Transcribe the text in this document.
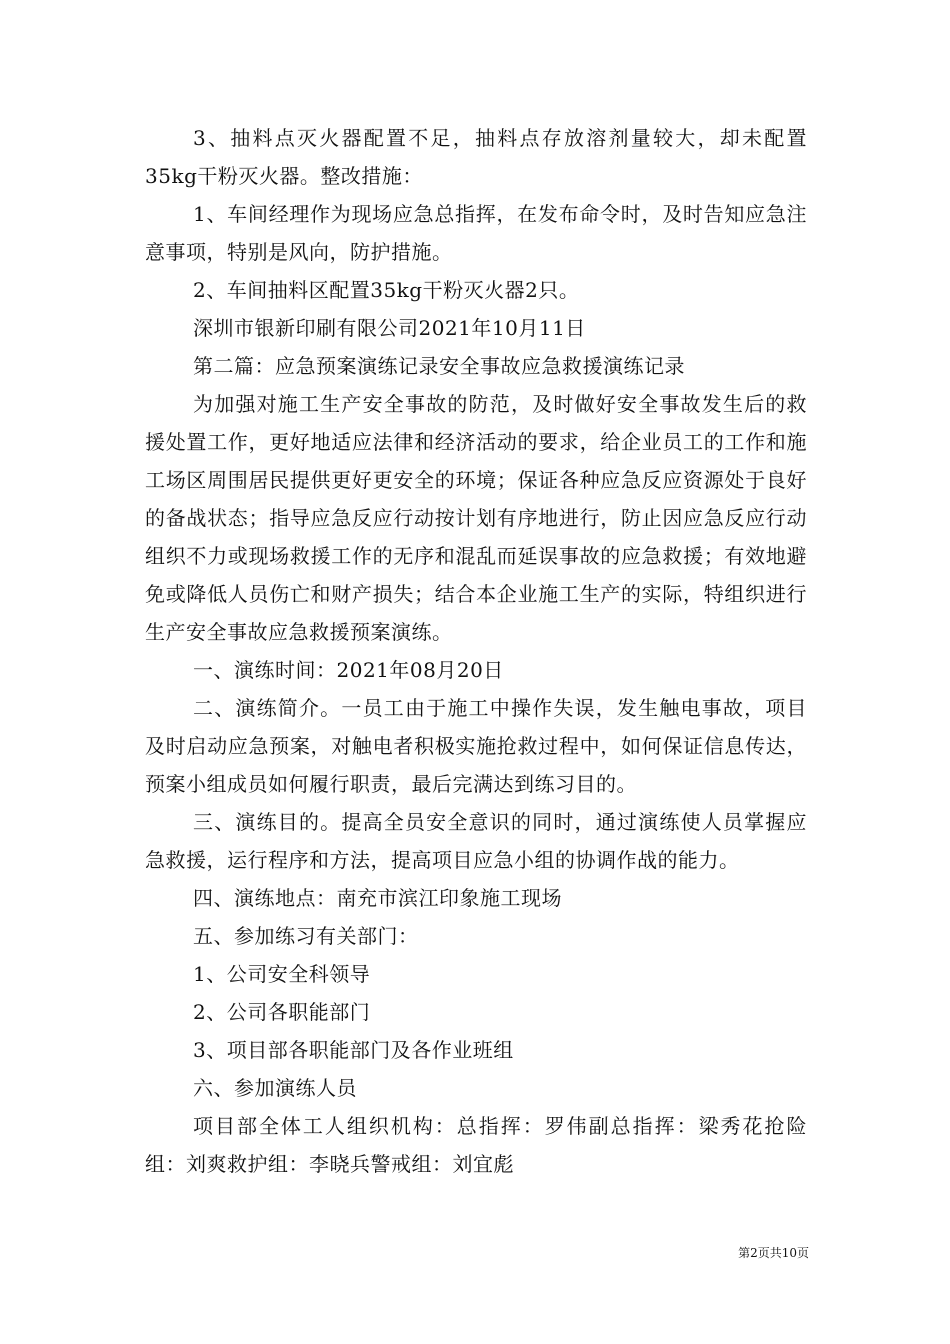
3、抽料点灭火器配置不足，抽料点存放溶剂量较大，却未配置35kg干粉灭火器。整改措施：

1、车间经理作为现场应急总指挥，在发布命令时，及时告知应急注意事项，特别是风向，防护措施。

2、车间抽料区配置35kg干粉灭火器2只。

深圳市银新印刷有限公司2021年10月11日

第二篇：应急预案演练记录安全事故应急救援演练记录

为加强对施工生产安全事故的防范，及时做好安全事故发生后的救援处置工作，更好地适应法律和经济活动的要求，给企业员工的工作和施工场区周围居民提供更好更安全的环境；保证各种应急反应资源处于良好的备战状态；指导应急反应行动按计划有序地进行，防止因应急反应行动组织不力或现场救援工作的无序和混乱而延误事故的应急救援；有效地避免或降低人员伤亡和财产损失；结合本企业施工生产的实际，特组织进行生产安全事故应急救援预案演练。

一、演练时间：2021年08月20日

二、演练简介。一员工由于施工中操作失误，发生触电事故，项目及时启动应急预案，对触电者积极实施抢救过程中，如何保证信息传达，预案小组成员如何履行职责，最后完满达到练习目的。

三、演练目的。提高全员安全意识的同时，通过演练使人员掌握应急救援，运行程序和方法，提高项目应急小组的协调作战的能力。

四、演练地点：南充市滨江印象施工现场

五、参加练习有关部门：

1、公司安全科领导

2、公司各职能部门

3、项目部各职能部门及各作业班组

六、参加演练人员

项目部全体工人组织机构：总指挥：罗伟副总指挥：梁秀花抢险组：刘爽救护组：李晓兵警戒组：刘宜彪

第2页共10页
